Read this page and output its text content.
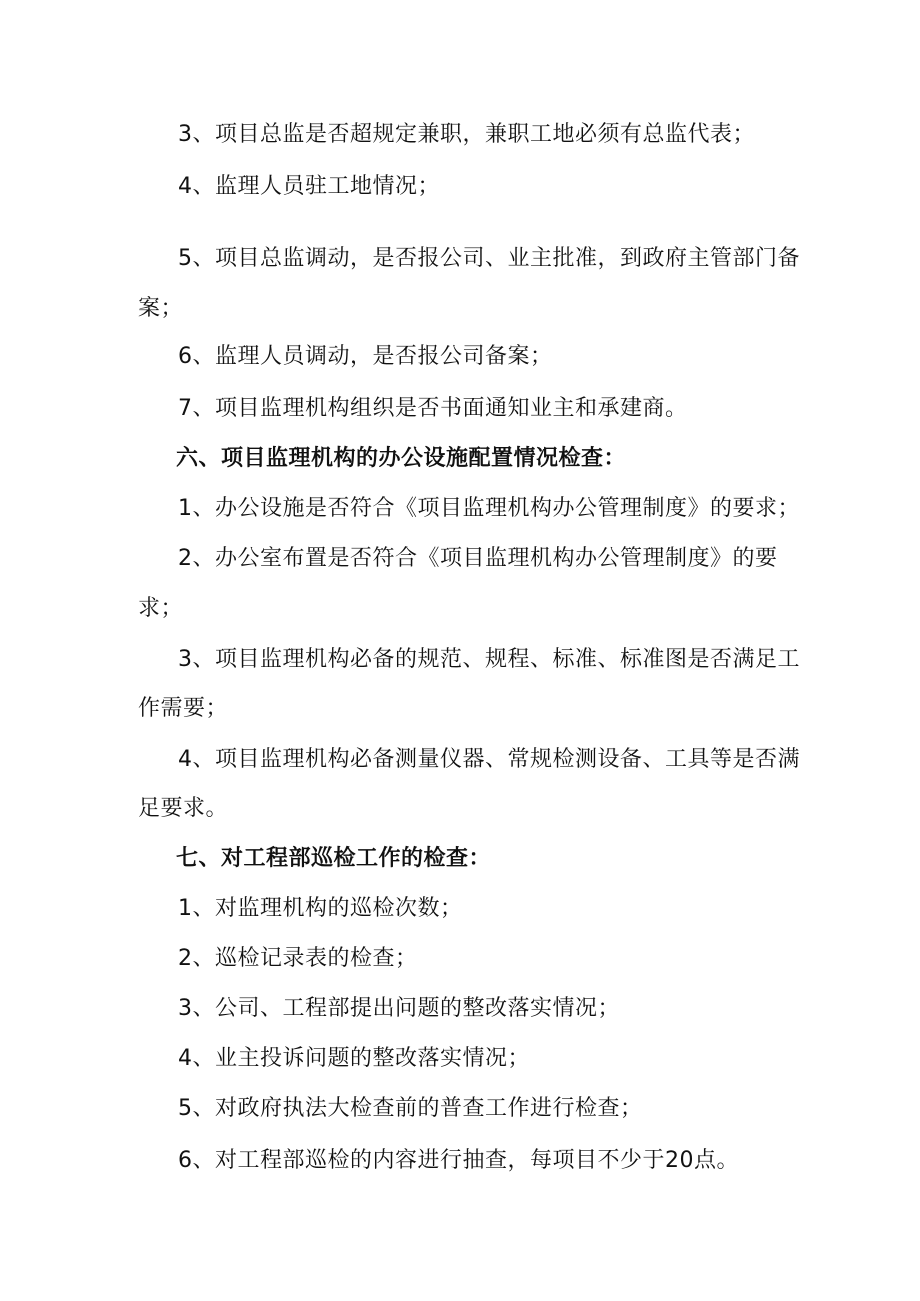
3、项目总监是否超规定兼职，兼职工地必须有总监代表；
4、监理人员驻工地情况；
5、项目总监调动，是否报公司、业主批准，到政府主管部门备
案；
6、监理人员调动，是否报公司备案；
7、项目监理机构组织是否书面通知业主和承建商。
六、项目监理机构的办公设施配置情况检查：
1、办公设施是否符合《项目监理机构办公管理制度》的要求；
2、办公室布置是否符合《项目监理机构办公管理制度》的要
求；
3、项目监理机构必备的规范、规程、标准、标准图是否满足工
作需要；
4、项目监理机构必备测量仪器、常规检测设备、工具等是否满
足要求。
七、对工程部巡检工作的检查：
1、对监理机构的巡检次数；
2、巡检记录表的检查；
3、公司、工程部提出问题的整改落实情况；
4、业主投诉问题的整改落实情况；
5、对政府执法大检查前的普查工作进行检查；
6、对工程部巡检的内容进行抽查，每项目不少于20点。
